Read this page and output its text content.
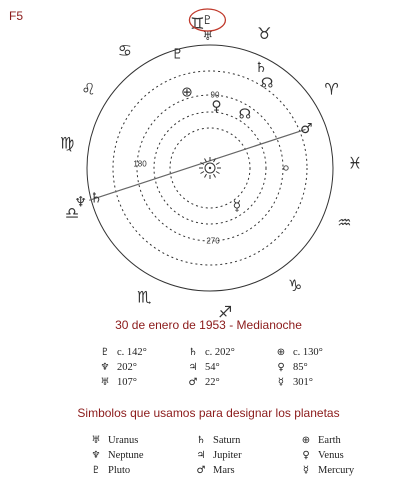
F5
90
180
270
♊
♉
♈
♓
♒
♑
♐
♏
♎
♍
♌
♋	♇
♇
♅
♄
☊
⊕
♀ ☊
♂
☿
♆ ♄
30 de enero de 1953 - Medianoche
♇ c. 142°	♄ c. 202°	⊕ c. 130°
♆ 202°	♃ 54°	♀ 85°
♅ 107°	♂ 22°	☿ 301°
Simbolos que usamos para designar los planetas
♅ Uranus	♄ Saturn	⊕ Earth
♆ Neptune	♃ Jupiter	♀ Venus
♇ Pluto	♂ Mars	☿ Mercury
